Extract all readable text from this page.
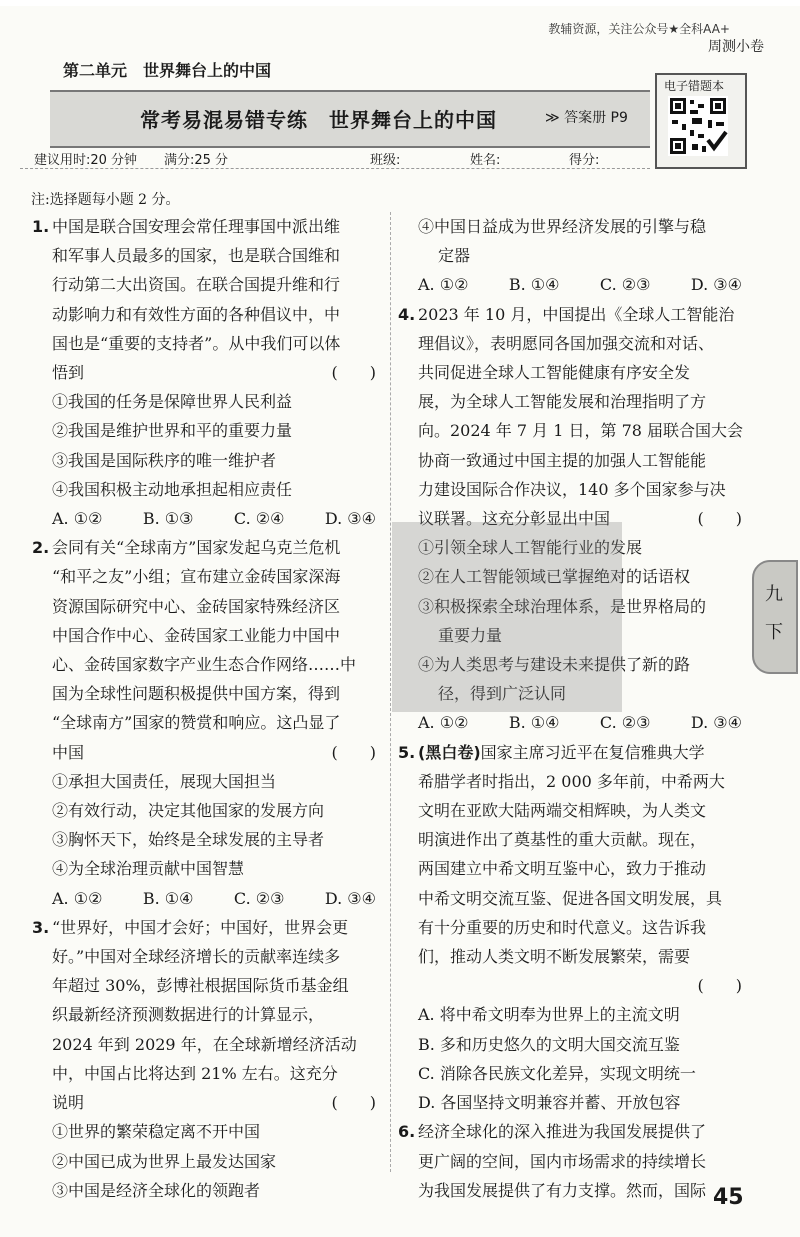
教辅资源，关注公众号★全科AA+
周测小卷
第二单元　世界舞台上的中国
常考易混易错专练　世界舞台上的中国	≫ 答案册 P9
电子错题本
建议用时:20 分钟 满分:25 分	班级:	姓名:	得分:
注:选择题每小题 2 分。
1. 中国是联合国安理会常任理事国中派出维
和军事人员最多的国家，也是联合国维和
行动第二大出资国。在联合国提升维和行
动影响力和有效性方面的各种倡议中，中
国也是“重要的支持者”。从中我们可以体
悟到	(　　)
①我国的任务是保障世界人民利益
②我国是维护世界和平的重要力量
③我国是国际秩序的唯一维护者
④我国积极主动地承担起相应责任
A. ①②	B. ①③	C. ②④	D. ③④
2. 会同有关“全球南方”国家发起乌克兰危机
“和平之友”小组；宣布建立金砖国家深海
资源国际研究中心、金砖国家特殊经济区
中国合作中心、金砖国家工业能力中国中
心、金砖国家数字产业生态合作网络……中
国为全球性问题积极提供中国方案，得到
“全球南方”国家的赞赏和响应。这凸显了
中国	(　　)
①承担大国责任，展现大国担当
②有效行动，决定其他国家的发展方向
③胸怀天下，始终是全球发展的主导者
④为全球治理贡献中国智慧
A. ①②	B. ①④	C. ②③	D. ③④
3. “世界好，中国才会好；中国好，世界会更
好。”中国对全球经济增长的贡献率连续多
年超过 30%，彭博社根据国际货币基金组
织最新经济预测数据进行的计算显示，
2024 年到 2029 年，在全球新增经济活动
中，中国占比将达到 21% 左右。这充分
说明	(　　)
①世界的繁荣稳定离不开中国
②中国已成为世界上最发达国家
③中国是经济全球化的领跑者
④中国日益成为世界经济发展的引擎与稳
定器
A. ①②	B. ①④	C. ②③	D. ③④
4. 2023 年 10 月，中国提出《全球人工智能治
理倡议》，表明愿同各国加强交流和对话、
共同促进全球人工智能健康有序安全发
展，为全球人工智能发展和治理指明了方
向。2024 年 7 月 1 日，第 78 届联合国大会
协商一致通过中国主提的加强人工智能能
力建设国际合作决议，140 多个国家参与决
议联署。这充分彰显出中国	(　　)
①引领全球人工智能行业的发展
②在人工智能领域已掌握绝对的话语权
③积极探索全球治理体系，是世界格局的
重要力量
④为人类思考与建设未来提供了新的路
径，得到广泛认同
A. ①②	B. ①④	C. ②③	D. ③④
5. (黑白卷)国家主席习近平在复信雅典大学
希腊学者时指出，2 000 多年前，中希两大
文明在亚欧大陆两端交相辉映，为人类文
明演进作出了奠基性的重大贡献。现在，
两国建立中希文明互鉴中心，致力于推动
中希文明交流互鉴、促进各国文明发展，具
有十分重要的历史和时代意义。这告诉我
们，推动人类文明不断发展繁荣，需要
(　　)
A. 将中希文明奉为世界上的主流文明
B. 多和历史悠久的文明大国交流互鉴
C. 消除各民族文化差异，实现文明统一
D. 各国坚持文明兼容并蓄、开放包容
6. 经济全球化的深入推进为我国发展提供了
更广阔的空间，国内市场需求的持续增长
为我国发展提供了有力支撑。然而，国际
九
下
45
